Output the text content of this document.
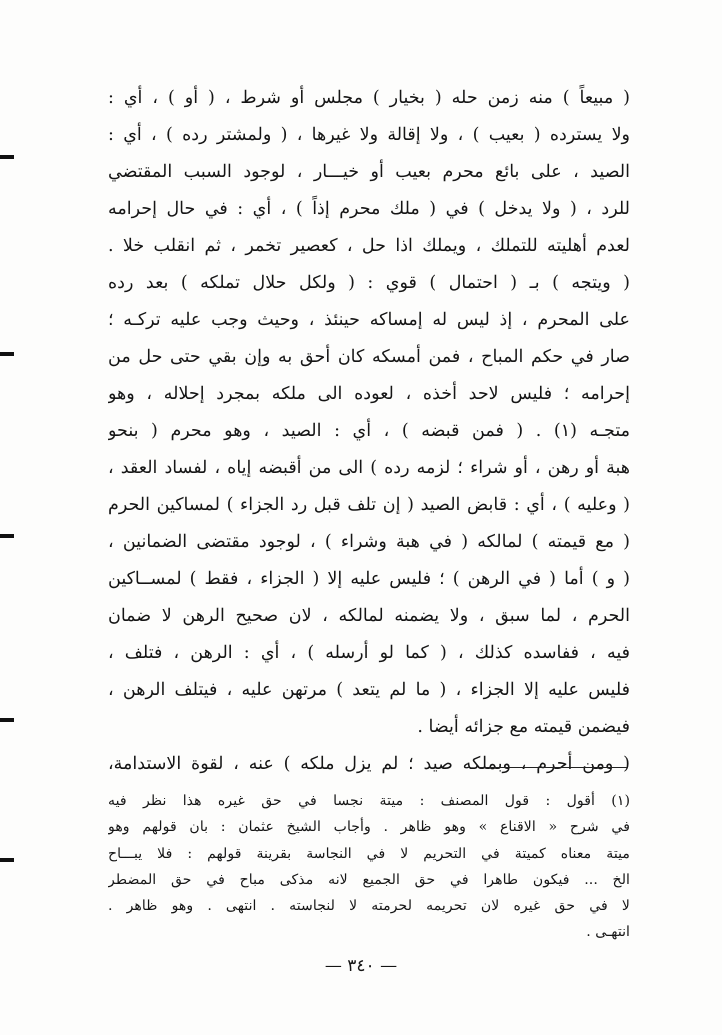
( مبيعاً ) منه زمن حله ( بخيار ) مجلس أو شرط ، ( أو ) ، أي :
ولا يسترده ( بعيب ) ، ولا إقالة ولا غيرها ، ( ولمشتر رده ) ، أي :
الصيد ، على بائع محرم بعيب أو خيـــار ، لوجود السبب المقتضي
للرد ، ( ولا يدخل ) في ( ملك محرم إذاً ) ، أي : في حال إحرامه
لعدم أهليته للتملك ، ويملك اذا حل ، كعصير تخمر ، ثم انقلب خلا .
( ويتجه ) بـ ( احتمال ) قوي : ( ولكل حلال تملكه ) بعد رده
على المحرم ، إذ ليس له إمساكه حينئذ ، وحيث وجب عليه تركـه ؛
صار في حكم المباح ، فمن أمسكه كان أحق به وإن بقي حتى حل من
إحرامه ؛ فليس لاحد أخذه ، لعوده الى ملكه بمجرد إحلاله ، وهو
متجـه (١) . ( فمن قبضه ) ، أي : الصيد ، وهو محرم ( بنحو
هبة أو رهن ، أو شراء ؛ لزمه رده ) الى من أقبضه إياه ، لفساد العقد ،
( وعليه ) ، أي : قابض الصيد ( إن تلف قبل رد الجزاء ) لمساكين الحرم
( مع قيمته ) لمالكه ( في هبة وشراء ) ، لوجود مقتضى الضمانين ،
( و ) أما ( في الرهن ) ؛ فليس عليه إلا ( الجزاء ، فقط ) لمســاكين
الحرم ، لما سبق ، ولا يضمنه لمالكه ، لان صحيح الرهن لا ضمان
فيه ، ففاسده كذلك ، ( كما لو أرسله ) ، أي : الرهن ، فتلف ،
فليس عليه إلا الجزاء ، ( ما لم يتعد ) مرتهن عليه ، فيتلف الرهن ،
فيضمن قيمته مع جزائه أيضا .
( ومن أحرم ، وبملكه صيد ؛ لم يزل ملكه ) عنه ، لقوة الاستدامة،
(١) أقول : قول المصنف : ميتة نجسا في حق غيره هذا نظر فيه
في شرح « الاقناع » وهو ظاهر . وأجاب الشيخ عثمان : بان قولهم وهو
ميتة معناه كميتة في التحريم لا في النجاسة بقرينة قولهم : فلا يبـــاح
الخ ... فيكون طاهرا في حق الجميع لانه مذكى مباح في حق المضطر
لا في حق غيره لان تحريمه لحرمته لا لنجاسته . انتهى . وهو ظاهر .
انتهـى .
— ٣٤٠ —
